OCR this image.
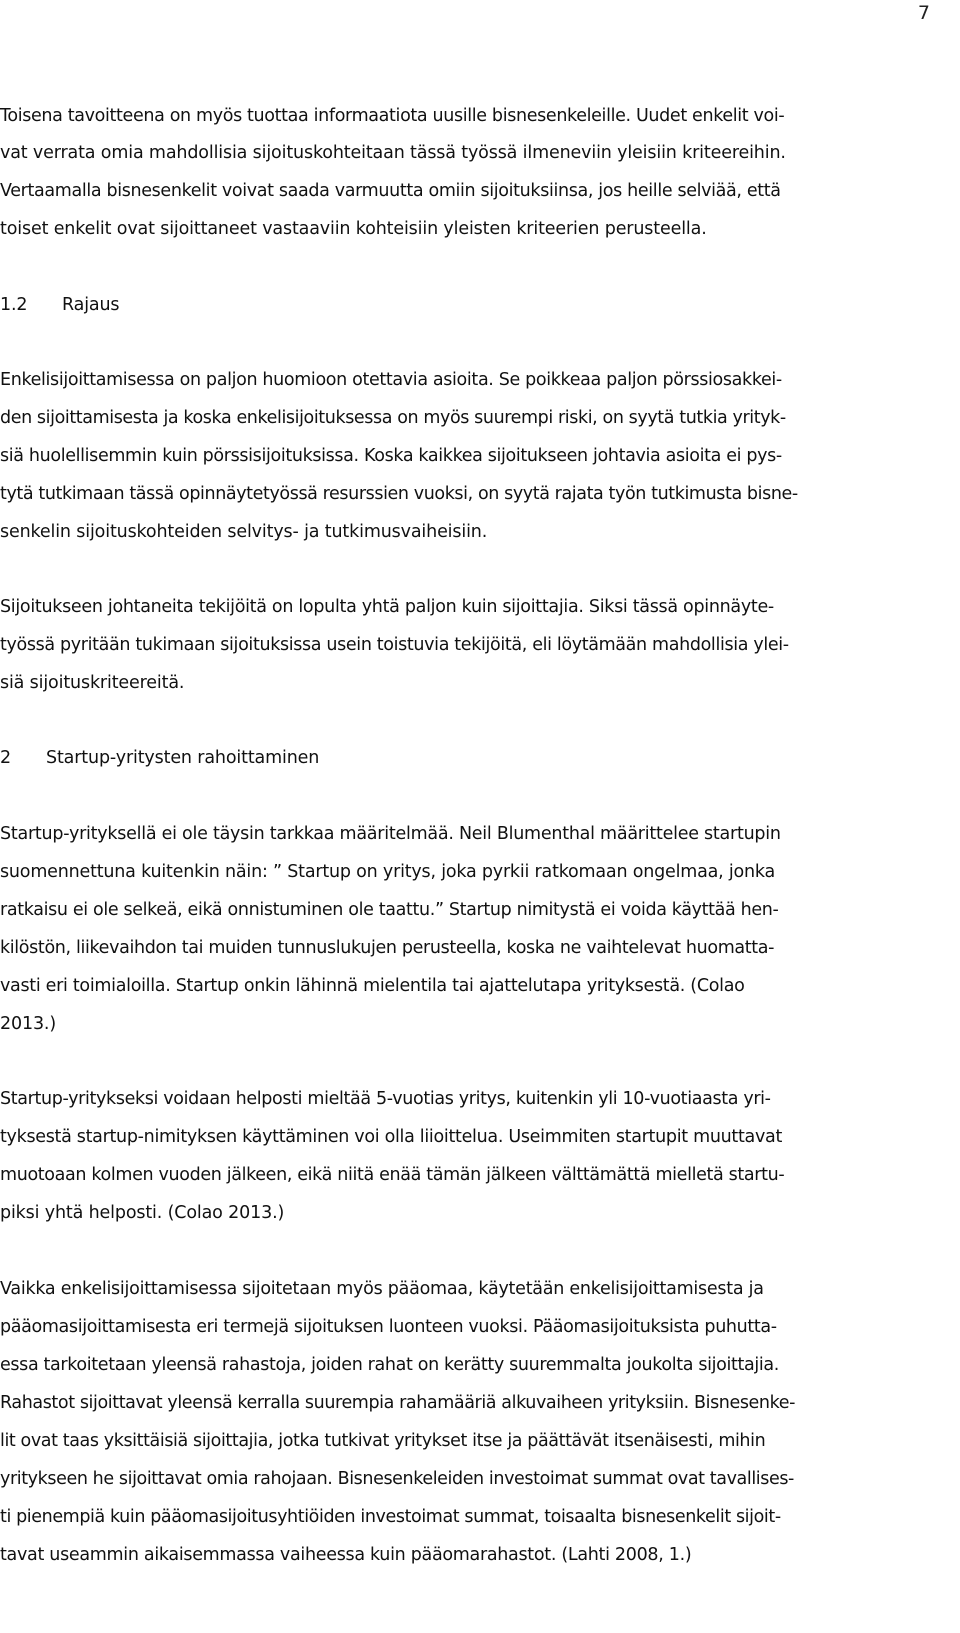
7
Toisena tavoitteena on myös tuottaa informaatiota uusille bisnesenkeleille. Uudet enkelit voi-
vat verrata omia mahdollisia sijoituskohteitaan tässä työssä ilmeneviin yleisiin kriteereihin.
Vertaamalla bisnesenkelit voivat saada varmuutta omiin sijoituksiinsa, jos heille selviää, että
toiset enkelit ovat sijoittaneet vastaaviin kohteisiin yleisten kriteerien perusteella.
1.2 Rajaus
Enkelisijoittamisessa on paljon huomioon otettavia asioita. Se poikkeaa paljon pörssiosakkei-
den sijoittamisesta ja koska enkelisijoituksessa on myös suurempi riski, on syytä tutkia yrityk-
siä huolellisemmin kuin pörssisijoituksissa. Koska kaikkea sijoitukseen johtavia asioita ei pys-
tytä tutkimaan tässä opinnäytetyössä resurssien vuoksi, on syytä rajata työn tutkimusta bisne-
senkelin sijoituskohteiden selvitys- ja tutkimusvaiheisiin.
Sijoitukseen johtaneita tekijöitä on lopulta yhtä paljon kuin sijoittajia. Siksi tässä opinnäyte-
työssä pyritään tukimaan sijoituksissa usein toistuvia tekijöitä, eli löytämään mahdollisia ylei-
siä sijoituskriteereitä.
2 Startup-yritysten rahoittaminen
Startup-yrityksellä ei ole täysin tarkkaa määritelmää. Neil Blumenthal määrittelee startupin
suomennettuna kuitenkin näin: ” Startup on yritys, joka pyrkii ratkomaan ongelmaa, jonka
ratkaisu ei ole selkeä, eikä onnistuminen ole taattu.” Startup nimitystä ei voida käyttää hen-
kilöstön, liikevaihdon tai muiden tunnuslukujen perusteella, koska ne vaihtelevat huomatta-
vasti eri toimialoilla. Startup onkin lähinnä mielentila tai ajattelutapa yrityksestä. (Colao
2013.)
Startup-yritykseksi voidaan helposti mieltää 5-vuotias yritys, kuitenkin yli 10-vuotiaasta yri-
tyksestä startup-nimityksen käyttäminen voi olla liioittelua. Useimmiten startupit muuttavat
muotoaan kolmen vuoden jälkeen, eikä niitä enää tämän jälkeen välttämättä mielletä startu-
piksi yhtä helposti. (Colao 2013.)
Vaikka enkelisijoittamisessa sijoitetaan myös pääomaa, käytetään enkelisijoittamisesta ja
pääomasijoittamisesta eri termejä sijoituksen luonteen vuoksi. Pääomasijoituksista puhutta-
essa tarkoitetaan yleensä rahastoja, joiden rahat on kerätty suuremmalta joukolta sijoittajia.
Rahastot sijoittavat yleensä kerralla suurempia rahamääriä alkuvaiheen yrityksiin. Bisnesenke-
lit ovat taas yksittäisiä sijoittajia, jotka tutkivat yritykset itse ja päättävät itsenäisesti, mihin
yritykseen he sijoittavat omia rahojaan. Bisnesenkeleiden investoimat summat ovat tavallises-
ti pienempiä kuin pääomasijoitusyhtiöiden investoimat summat, toisaalta bisnesenkelit sijoit-
tavat useammin aikaisemmassa vaiheessa kuin pääomarahastot. (Lahti 2008, 1.)
